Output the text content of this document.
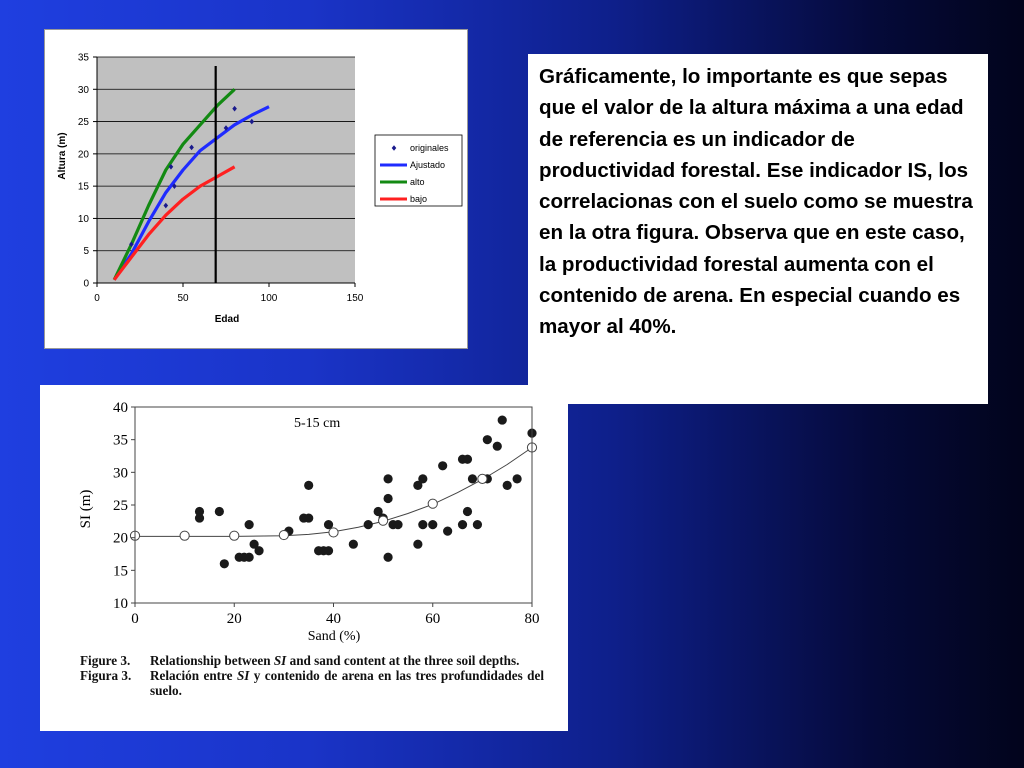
0
5
10
15
20
25
30
35
0	50	100	150
originales
Ajustado
alto
bajo
Altura (m)
Edad
10
15
20
25
30
35
40
0	20	40	60	80
5-15 cm
SI (m)
Sand (%)
Figure 3.	Relationship between SI and sand content at the three soil depths.
Figura 3.	Relación entre SI y contenido de arena en las tres profundidades del suelo.
Gráficamente, lo importante es que sepas que el valor de la altura máxima a una edad de referencia es un indicador de productividad forestal. Ese indicador IS, los correlacionas con el suelo como se muestra en la otra figura. Observa que en este caso, la productividad forestal aumenta con el contenido de arena. En especial cuando es mayor al 40%.
